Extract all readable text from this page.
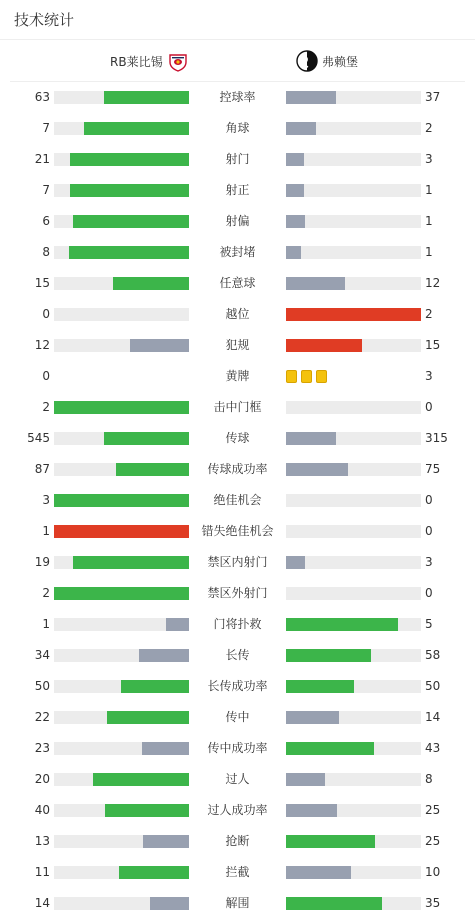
技术统计
RB莱比锡	弗赖堡
63	控球率	37
7	角球	2
21	射门	3
7	射正	1
6	射偏	1
8	被封堵	1
15	任意球	12
0	越位	2
12	犯规	15
0	黄牌	3
2	击中门框	0
545	传球	315
87	传球成功率	75
3	绝佳机会	0
1	错失绝佳机会	0
19	禁区内射门	3
2	禁区外射门	0
1	门将扑救	5
34	长传	58
50	长传成功率	50
22	传中	14
23	传中成功率	43
20	过人	8
40	过人成功率	25
13	抢断	25
11	拦截	10
14	解围	35
